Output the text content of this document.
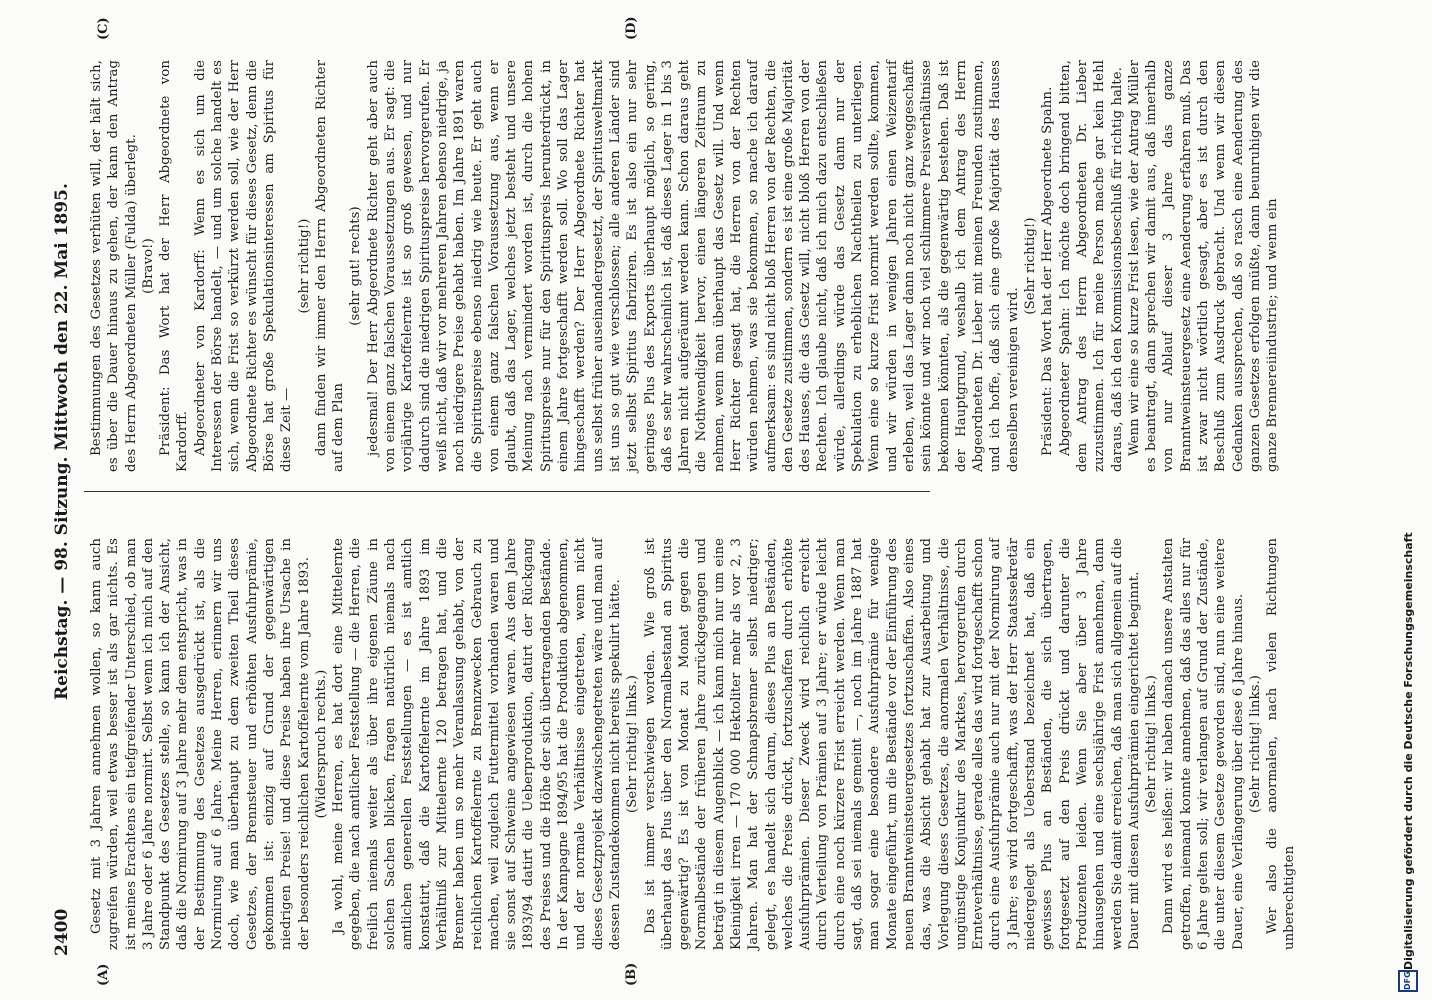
2400
Reichstag. — 98. Sitzung. Mittwoch den 22. Mai 1895.
(A)	(B)
(C)	(D)

Gesetz mit 3 Jahren annehmen wollen, so kann auch zugreifen würden, weil etwas besser ist als gar nichts. Es ist meines Erachtens ein tiefgreifender Unterschied, ob man 3 Jahre oder 6 Jahre normirt. Selbst wenn ich mich auf den Standpunkt des Gesetzes stelle, so kann ich der Ansicht, daß die Normirung auf 3 Jahre mehr dem entspricht, was in der Bestimmung des Gesetzes ausgedrückt ist, als die Normirung auf 6 Jahre. Meine Herren, erinnern wir uns doch, wie man überhaupt zu dem zweiten Theil dieses Gesetzes, der Brennsteuer und erhöhten Ausfuhrprämie, gekommen ist: einzig auf Grund der gegenwärtigen niedrigen Preise! und diese Preise haben ihre Ursache in der besonders reichlichen Kartoffelernte vom Jahre 1893. (Widerspruch rechts.) Ja wohl, meine Herren, es hat dort eine Mittelernte gegeben, die nach amtlicher Feststellung — die Herren, die freilich niemals weiter als über ihre eigenen Zäune in solchen Sachen blicken, fragen natürlich niemals nach amtlichen generellen Feststellungen — es ist amtlich konstatirt, daß die Kartoffelernte im Jahre 1893 im Verhältniß zur Mittelernte 120 betragen hat, und die Brenner haben um so mehr Veranlassung gehabt, von der reichlichen Kartoffelernte zu Brennzwecken Gebrauch zu machen, weil zugleich Futtermittel vorhanden waren und sie sonst auf Schweine angewiesen waren. Aus dem Jahre 1893/94 datirt die Ueberproduktion, datirt der Rückgang des Preises und die Höhe der sich übertragenden Bestände. In der Kampagne 1894/95 hat die Produktion abgenommen, und der normale Verhältnisse eingetreten, wenn nicht dieses Gesetzprojekt dazwischengetreten wäre und man auf dessen Zustandekommen nicht bereits spekulirt hätte. (Sehr richtig! links.) Das ist immer verschwiegen worden. Wie groß ist überhaupt das Plus über den Normalbestand an Spiritus gegenwärtig? Es ist von Monat zu Monat gegen die Normalbestände der früheren Jahre zurückgegangen und beträgt in diesem Augenblick — ich kann mich nur um eine Kleinigkeit irren — 170 000 Hektoliter mehr als vor 2, 3 Jahren. Man hat der Schnapsbrenner selbst niedriger; gelegt, es handelt sich darum, dieses Plus an Beständen, welches die Preise drückt, fortzuschaffen durch erhöhte Ausfuhrprämien. Dieser Zweck wird reichlich erreicht durch Verteilung von Prämien auf 3 Jahre; er würde leicht durch eine noch kürzere Frist erreicht werden. Wenn man sagt, daß sei niemals gemeint —, noch im Jahre 1887 hat man sogar eine besondere Ausfuhrprämie für wenige Monate eingeführt, um die Bestände vor der Einführung des neuen Branntweinsteuergesetzes fortzuschaffen. Also eines das, was die Absicht gehabt hat zur Ausarbeitung und Vorlegung dieses Gesetzes, die anormalen Verhältnisse, die ungünstige Konjunktur des Marktes, hervorgerufen durch Ernteverhältnisse, gerade alles das wird fortgeschafft schon durch eine Ausfuhrprämie auch nur mit der Normirung auf 3 Jahre; es wird fortgeschafft, was der Herr Staatssekretär niedergelegt als Ueberstand bezeichnet hat, daß ein gewisses Plus an Beständen, die sich übertragen, fortgesetzt auf den Preis drückt und darunter die Produzenten leiden. Wenn Sie aber über 3 Jahre hinausgehen und eine sechsjährige Frist annehmen, dann werden Sie damit erreichen, daß man sich allgemein auf die Dauer mit diesen Ausfuhrprämien eingerichtet beginnt. (Sehr richtig! links.) Dann wird es heißen: wir haben danach unsere Anstalten getroffen, niemand konnte annehmen, daß das alles nur für 6 Jahre gelten soll; wir verlangen auf Grund der Zustände, die unter diesem Gesetze geworden sind, nun eine weitere Dauer, eine Verlängerung über diese 6 Jahre hinaus. (Sehr richtig! links.) Wer also die anormalen, nach vielen Richtungen unberechtigten

Bestimmungen des Gesetzes verhüten will, der hält sich, es über die Dauer hinaus zu gehen, der kann den Antrag des Herrn Abgeordneten Müller (Fulda) überlegt. (Bravo!) Präsident: Das Wort hat der Herr Abgeordnete von Kardorff. Abgeordneter von Kardorff: Wenn es sich um die Interessen der Börse handelt, — und um solche handelt es sich, wenn die Frist so verkürzt werden soll, wie der Herr Abgeordnete Richter es wünscht für dieses Gesetz, denn die Börse hat große Spekulationsinteressen am Spiritus für diese Zeit —

(sehr richtig!) dann finden wir immer den Herrn Abgeordneten Richter auf dem Plan

(sehr gut! rechts) jedesmal! Der Herr Abgeordnete Richter geht aber auch von einem ganz falschen Voraussetzungen aus. Er sagt: die vorjährige Kartoffelernte ist so groß gewesen, und nur dadurch sind die niedrigen Spirituspreise hervorgerufen. Er weiß nicht, daß wir vor mehreren Jahren ebenso niedrige, ja noch niedrigere Preise gehabt haben. Im Jahre 1891 waren die Spirituspreise ebenso niedrig wie heute. Er geht auch von einem ganz falschen Voraussetzung aus, wenn er glaubt, daß das Lager, welches jetzt besteht und unsere Meinung nach vermindert worden ist, durch die hohen Spirituspreise nur für den Spirituspreis herunterdrückt, in einem Jahre fortgeschafft werden soll. Wo soll das Lager hingeschafft werden? Der Herr Abgeordnete Richter hat uns selbst früher auseinandergesetzt, der Spiritusweltmarkt ist uns so gut wie verschlossen; alle anderen Länder sind jetzt selbst Spiritus fabriziren. Es ist also ein nur sehr geringes Plus des Exports überhaupt möglich, so gering, daß es sehr wahrscheinlich ist, daß dieses Lager in 1 bis 3 Jahren nicht aufgeräumt werden kann. Schon daraus geht die Nothwendigkeit hervor, einen längeren Zeitraum zu nehmen, wenn man überhaupt das Gesetz will. Und wenn Herr Richter gesagt hat, die Herren von der Rechten würden nehmen, was sie bekommen, so mache ich darauf aufmerksam: es sind nicht bloß Herren von der Rechten, die den Gesetze zustimmen, sondern es ist eine große Majorität des Hauses, die das Gesetz will, nicht bloß Herren von der Rechten. Ich glaube nicht, daß ich mich dazu entschließen würde, allerdings würde das Gesetz dann nur der Spekulation zu erheblichen Nachtheilen zu unterliegen. Wenn eine so kurze Frist normirt werden sollte, kommen, und wir würden in wenigen Jahren einen Weizentarif erleben, weil das Lager dann noch nicht ganz weggeschafft sein könnte und wir noch viel schlimmere Preisverhältnisse bekommen könnten, als die gegenwärtig bestehen. Daß ist der Hauptgrund, weshalb ich dem Antrag des Herrn Abgeordneten Dr. Lieber mit meinen Freunden zustimmen, und ich hoffe, daß sich eine große Majorität des Hauses denselben vereinigen wird.

(Sehr richtig!) Präsident: Das Wort hat der Herr Abgeordnete Spahn. Abgeordneter Spahn: Ich möchte doch bringend bitten, dem Antrag des Herrn Abgeordneten Dr. Lieber zuzustimmen. Ich für meine Person mache gar kein Hehl daraus, daß ich den Kommissionsbeschluß für richtig halte. Wenn wir eine so kurze Frist lesen, wie der Antrag Müller es beantragt, dann sprechen wir damit aus, daß innerhalb von nur Ablauf dieser 3 Jahre das ganze Branntweinsteuergesetz eine Aenderung erfahren muß. Das ist zwar nicht wörtlich gesagt, aber es ist durch den Beschluß zum Ausdruck gebracht. Und wenn wir diesen Gedanken aussprechen, daß so rasch eine Aenderung des ganzen Gesetzes erfolgen müßte, dann beunruhigen wir die ganze Brennereiindustrie; und wenn ein

DFG
Digitalisierung gefördert durch die Deutsche Forschungsgemeinschaft
